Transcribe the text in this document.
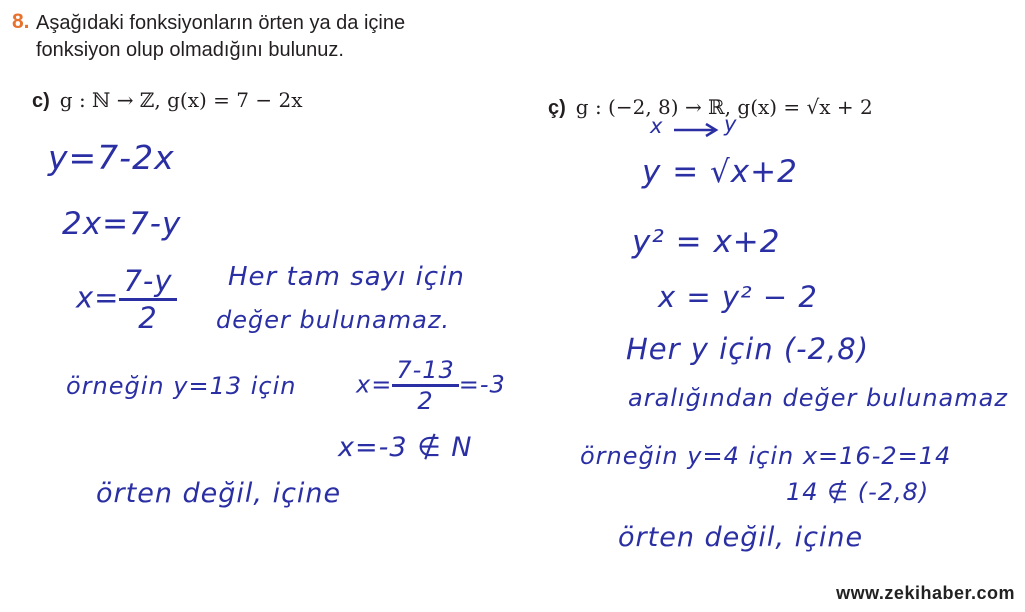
8. Aşağıdaki fonksiyonların örten ya da içine
fonksiyon olup olmadığını bulunuz.
c) g : ℕ → ℤ, g(x) = 7 − 2x	ç) g : (−2, 8) → ℝ, g(x) = √x + 2
y=7-2x
2x=7-y
$x= \frac{7-y}{2}$ Her tam sayı için
değer bulunamaz.
örneğin y=13 için $x= \frac{7-13}{2} =-3$
x=-3 ∉ N
örten değil, içine
x	y
y = √x+2
y² = x+2
x = y² − 2
Her y için (-2,8)
aralığından değer bulunamaz
örneğin y=4 için x=16-2=14
14 ∉ (-2,8)
örten değil, içine
www.zekihaber.com
